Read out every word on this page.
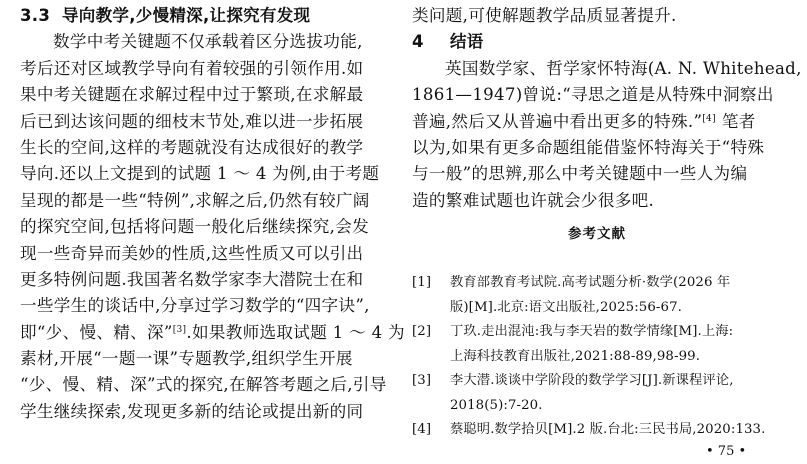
3.3 导向教学,少慢精深,让探究有发现
数学中考关键题不仅承载着区分选拔功能,
考后还对区域教学导向有着较强的引领作用.如
果中考关键题在求解过程中过于繁琐,在求解最
后已到达该问题的细枝末节处,难以进一步拓展
生长的空间,这样的考题就没有达成很好的教学
导向.还以上文提到的试题 1 ～ 4 为例,由于考题
呈现的都是一些“特例”,求解之后,仍然有较广阔
的探究空间,包括将问题一般化后继续探究,会发
现一些奇异而美妙的性质,这些性质又可以引出
更多特例问题.我国著名数学家李大潜院士在和
一些学生的谈话中,分享过学习数学的“四字诀”,
即“少、慢、精、深”[3].如果教师选取试题 1 ～ 4 为
素材,开展“一题一课”专题教学,组织学生开展
“少、慢、精、深”式的探究,在解答考题之后,引导
学生继续探索,发现更多新的结论或提出新的同
类问题,可使解题教学品质显著提升.
4 结语
英国数学家、哲学家怀特海(A. N. Whitehead,
1861—1947)曾说:“寻思之道是从特殊中洞察出
普遍,然后又从普遍中看出更多的特殊.”[4] 笔者
以为,如果有更多命题组能借鉴怀特海关于“特殊
与一般”的思辨,那么中考关键题中一些人为编
造的繁难试题也许就会少很多吧.
参考文献
[1] 教育部教育考试院.高考试题分析·数学(2026 年
版)[M].北京:语文出版社,2025:56-67.
[2] 丁玖.走出混沌:我与李天岩的数学情缘[M].上海:
上海科技教育出版社,2021:88-89,98-99.
[3] 李大潜.谈谈中学阶段的数学学习[J].新课程评论,
2018(5):7-20.
[4] 蔡聪明.数学拾贝[M].2 版.台北:三民书局,2020:133.
• 75 •
